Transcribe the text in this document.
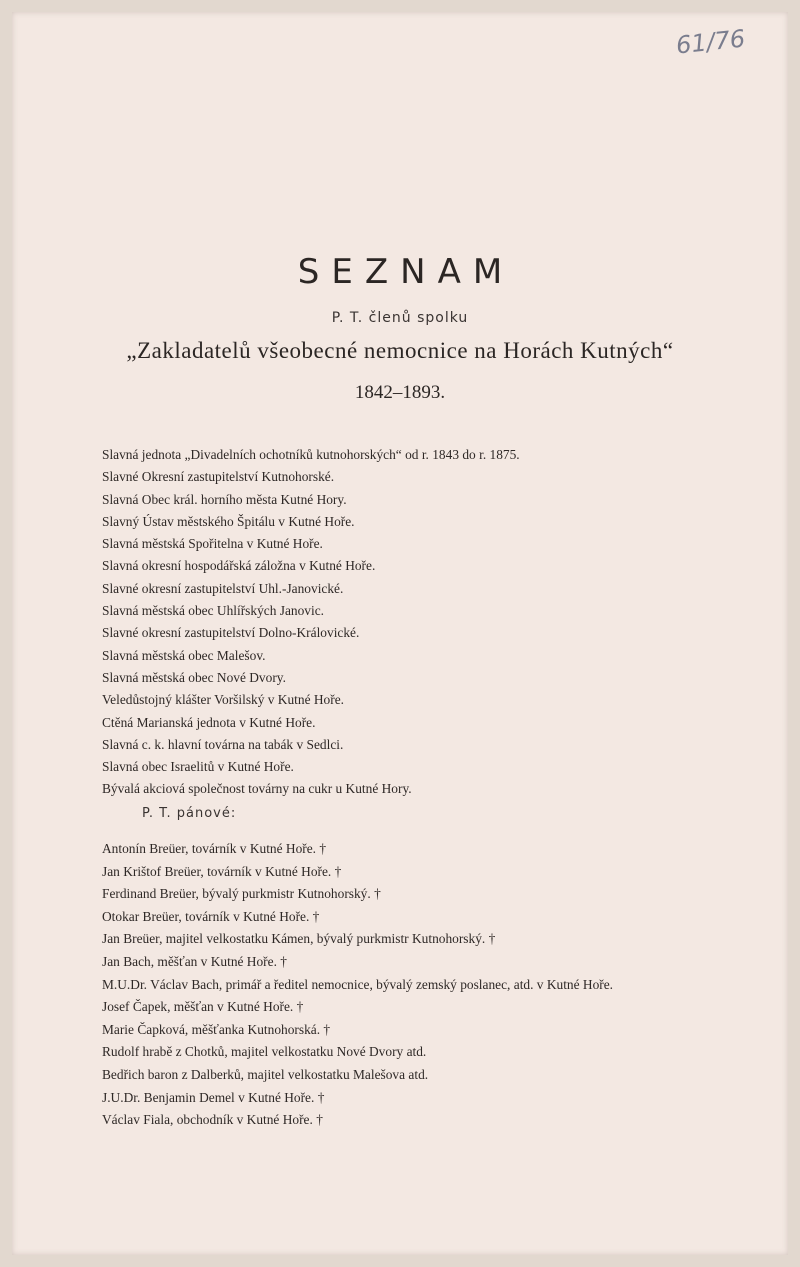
61/76
SEZNAM
P. T. členů spolku
„Zakladatelů všeobecné nemocnice na Horách Kutných“
1842–1893.
Slavná jednota „Divadelních ochotníků kutnohorských“ od r. 1843 do r. 1875.
Slavné Okresní zastupitelství Kutnohorské.
Slavná Obec král. horního města Kutné Hory.
Slavný Ústav městského Špitálu v Kutné Hoře.
Slavná městská Spořitelna v Kutné Hoře.
Slavná okresní hospodářská záložna v Kutné Hoře.
Slavné okresní zastupitelství Uhl.-Janovické.
Slavná městská obec Uhlířských Janovic.
Slavné okresní zastupitelství Dolno-Královické.
Slavná městská obec Malešov.
Slavná městská obec Nové Dvory.
Veledůstojný klášter Voršilský v Kutné Hoře.
Ctěná Marianská jednota v Kutné Hoře.
Slavná c. k. hlavní továrna na tabák v Sedlci.
Slavná obec Israelitů v Kutné Hoře.
Bývalá akciová společnost továrny na cukr u Kutné Hory.
P. T. pánové:
Antonín Breüer, továrník v Kutné Hoře. †
Jan Krištof Breüer, továrník v Kutné Hoře. †
Ferdinand Breüer, bývalý purkmistr Kutnohorský. †
Otokar Breüer, továrník v Kutné Hoře. †
Jan Breüer, majitel velkostatku Kámen, bývalý purkmistr Kutnohorský. †
Jan Bach, měšťan v Kutné Hoře. †
M.U.Dr. Václav Bach, primář a ředitel nemocnice, bývalý zemský poslanec, atd. v Kutné Hoře.
Josef Čapek, měšťan v Kutné Hoře. †
Marie Čapková, měšťanka Kutnohorská. †
Rudolf hrabě z Chotků, majitel velkostatku Nové Dvory atd.
Bedřich baron z Dalberků, majitel velkostatku Malešova atd.
J.U.Dr. Benjamin Demel v Kutné Hoře. †
Václav Fiala, obchodník v Kutné Hoře. †
